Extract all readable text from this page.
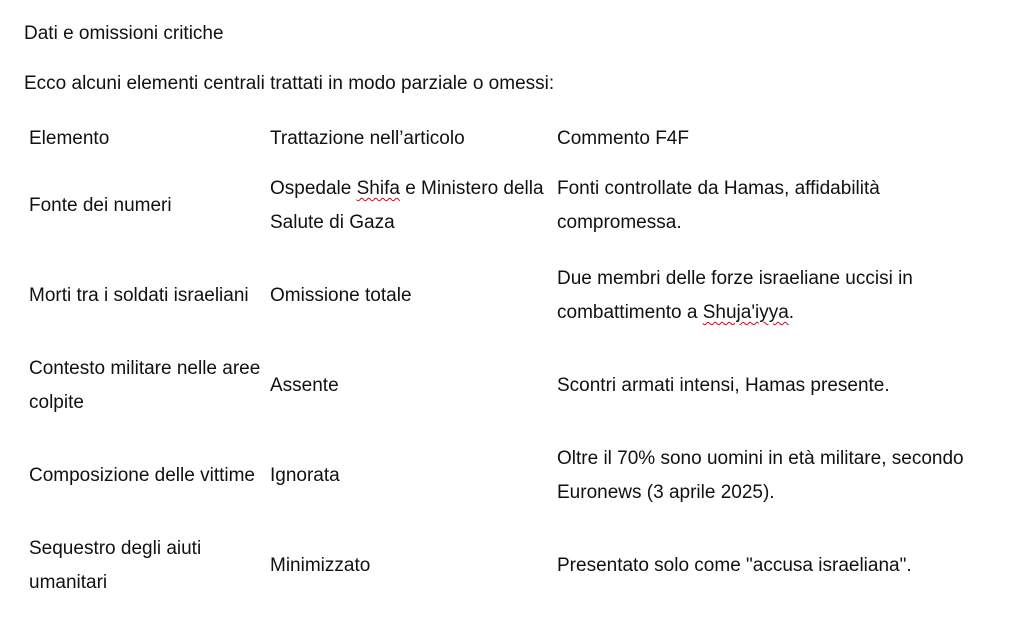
Dati e omissioni critiche
Ecco alcuni elementi centrali trattati in modo parziale o omessi:
Elemento	Trattazione nell’articolo	Commento F4F
Fonte dei numeri	Ospedale Shifa e Ministero della Salute di Gaza	Fonti controllate da Hamas, affidabilità compromessa.
Morti tra i soldati israeliani	Omissione totale	Due membri delle forze israeliane uccisi in combattimento a Shuja'iyya.
Contesto militare nelle aree colpite	Assente	Scontri armati intensi, Hamas presente.
Composizione delle vittime	Ignorata	Oltre il 70% sono uomini in età militare, secondo Euronews (3 aprile 2025).
Sequestro degli aiuti umanitari	Minimizzato	Presentato solo come "accusa israeliana".
